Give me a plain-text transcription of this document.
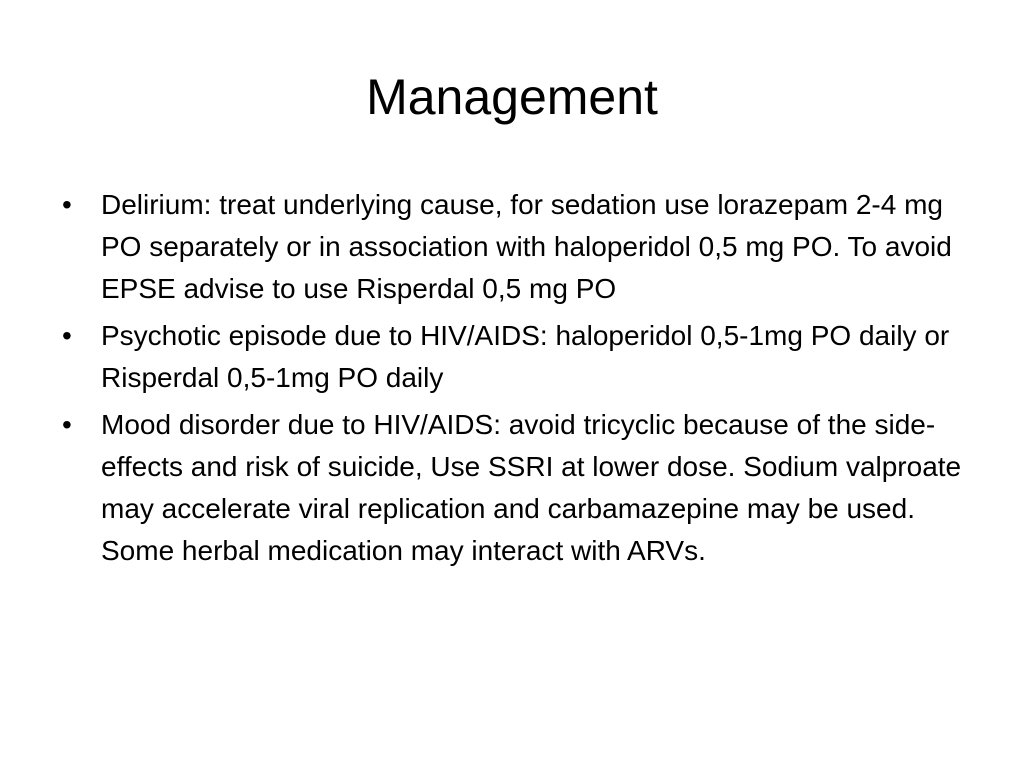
Management
• Delirium: treat underlying cause, for sedation use lorazepam 2-4 mg PO separately or in association with haloperidol 0,5 mg PO. To avoid EPSE advise to use Risperdal 0,5 mg PO
• Psychotic episode due to HIV/AIDS: haloperidol 0,5-1mg PO daily or Risperdal 0,5-1mg PO daily
• Mood disorder due to HIV/AIDS: avoid tricyclic because of the side-effects and risk of suicide, Use SSRI at lower dose. Sodium valproate may accelerate viral replication and carbamazepine may be used. Some herbal medication may interact with ARVs.
